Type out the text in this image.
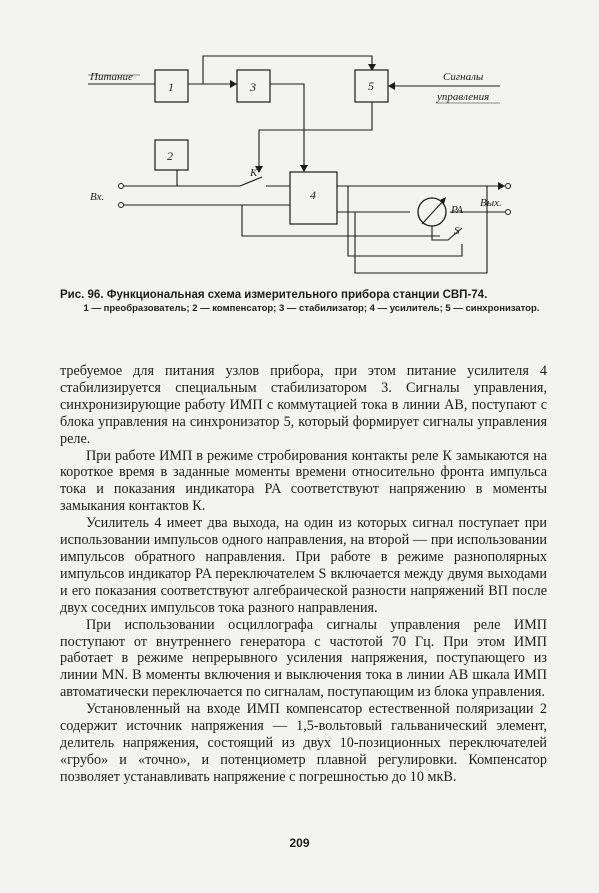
Питание
1	3	5
Сигналы
управления
2
Вх.
К
4
Вых.
PA
S

Рис. 96. Функциональная схема измерительного прибора станции СВП-74.

1 — преобразователь; 2 — компенсатор; 3 — стабилизатор; 4 — усилитель; 5 — синхронизатор.

требуемое для питания узлов прибора, при этом питание усилителя 4 стабилизируется специальным стабилизатором 3. Сигналы управления, синхронизирующие работу ИМП с коммутацией тока в линии AB, поступают с блока управления на синхронизатор 5, который формирует сигналы управления реле.

При работе ИМП в режиме стробирования контакты реле К замыкаются на короткое время в заданные моменты времени относительно фронта импульса тока и показания индикатора PA соответствуют напряжению в моменты замыкания контактов К.

Усилитель 4 имеет два выхода, на один из которых сигнал поступает при использовании импульсов одного направления, на второй — при использовании импульсов обратного направления. При работе в режиме разнополярных импульсов индикатор PA переключателем S включается между двумя выходами и его показания соответствуют алгебраической разности напряжений ВП после двух соседних импульсов тока разного направления.

При использовании осциллографа сигналы управления реле ИМП поступают от внутреннего генератора с частотой 70 Гц. При этом ИМП работает в режиме непрерывного усиления напряжения, поступающего из линии MN. В моменты включения и выключения тока в линии AB шкала ИМП автоматически переключается по сигналам, поступающим из блока управления.

Установленный на входе ИМП компенсатор естественной поляризации 2 содержит источник напряжения — 1,5-вольтовый гальванический элемент, делитель напряжения, состоящий из двух 10-позиционных переключателей «грубо» и «точно», и потенциометр плавной регулировки. Компенсатор позволяет устанавливать напряжение с погрешностью до 10 мкВ.

209
